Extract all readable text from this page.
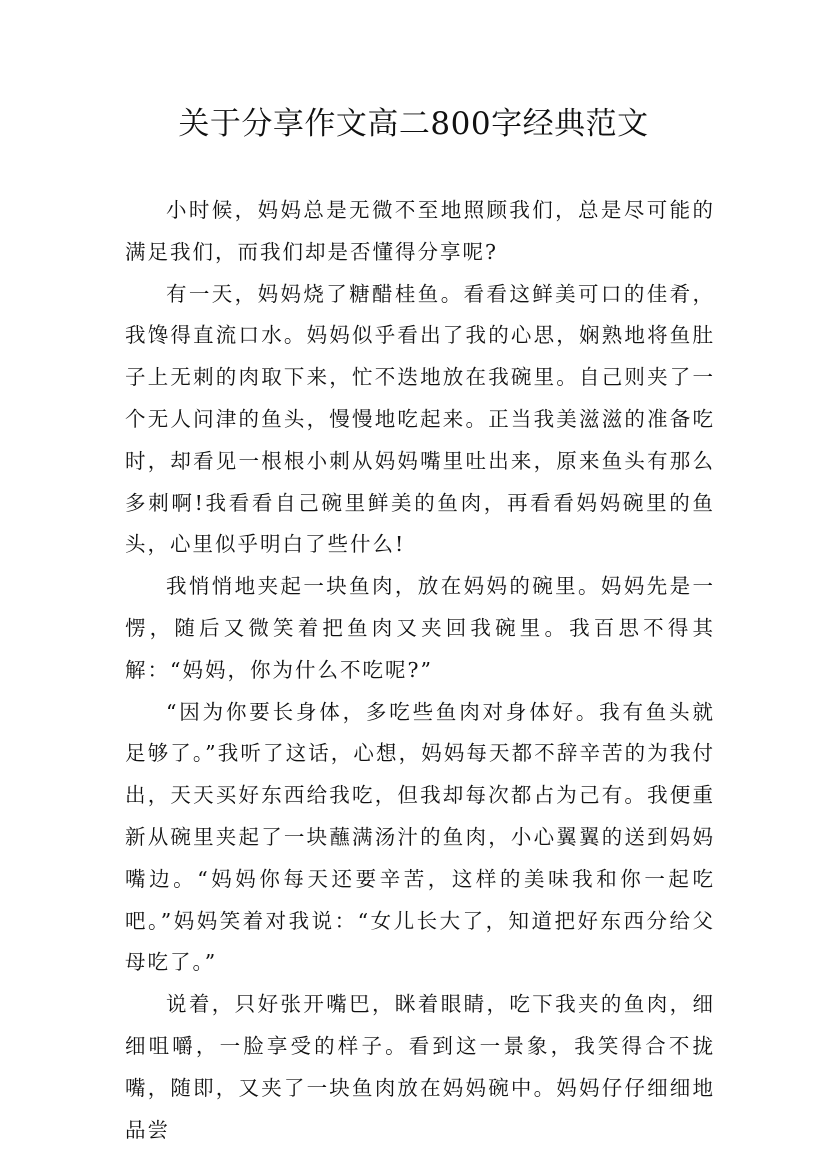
关于分享作文高二800字经典范文

小时候，妈妈总是无微不至地照顾我们，总是尽可能的满足我们，而我们却是否懂得分享呢?

有一天，妈妈烧了糖醋桂鱼。看看这鲜美可口的佳肴，我馋得直流口水。妈妈似乎看出了我的心思，娴熟地将鱼肚子上无刺的肉取下来，忙不迭地放在我碗里。自己则夹了一个无人问津的鱼头，慢慢地吃起来。正当我美滋滋的准备吃时，却看见一根根小刺从妈妈嘴里吐出来，原来鱼头有那么多刺啊!我看看自己碗里鲜美的鱼肉，再看看妈妈碗里的鱼头，心里似乎明白了些什么!

我悄悄地夹起一块鱼肉，放在妈妈的碗里。妈妈先是一愣，随后又微笑着把鱼肉又夹回我碗里。我百思不得其解：“妈妈，你为什么不吃呢?”

“因为你要长身体，多吃些鱼肉对身体好。我有鱼头就足够了。”我听了这话，心想，妈妈每天都不辞辛苦的为我付出，天天买好东西给我吃，但我却每次都占为己有。我便重新从碗里夹起了一块蘸满汤汁的鱼肉，小心翼翼的送到妈妈嘴边。“妈妈你每天还要辛苦，这样的美味我和你一起吃吧。”妈妈笑着对我说：“女儿长大了，知道把好东西分给父母吃了。”

说着，只好张开嘴巴，眯着眼睛，吃下我夹的鱼肉，细细咀嚼，一脸享受的样子。看到这一景象，我笑得合不拢嘴，随即，又夹了一块鱼肉放在妈妈碗中。妈妈仔仔细细地品尝
